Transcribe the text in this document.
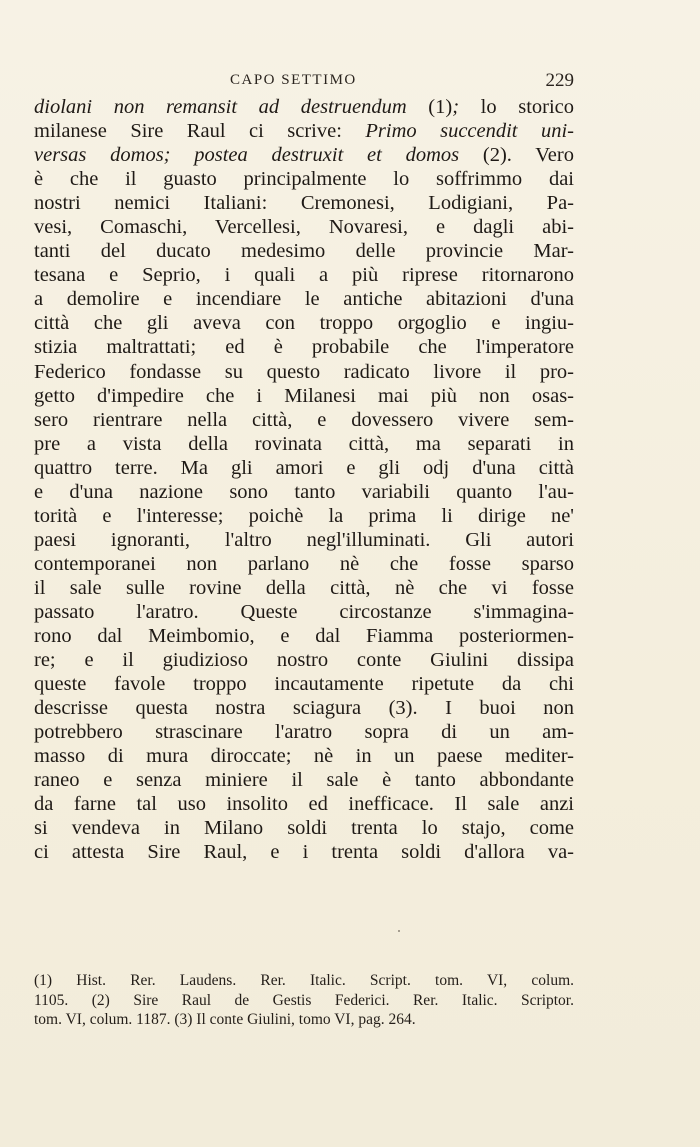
CAPO SETTIMO	229
diolani non remansit ad destruendum (1); lo storico
milanese Sire Raul ci scrive: Primo succendit uni-
versas domos; postea destruxit et domos (2). Vero
è che il guasto principalmente lo soffrimmo dai
nostri nemici Italiani: Cremonesi, Lodigiani, Pa-
vesi, Comaschi, Vercellesi, Novaresi, e dagli abi-
tanti del ducato medesimo delle provincie Mar-
tesana e Seprio, i quali a più riprese ritornarono
a demolire e incendiare le antiche abitazioni d'una
città che gli aveva con troppo orgoglio e ingiu-
stizia maltrattati; ed è probabile che l'imperatore
Federico fondasse su questo radicato livore il pro-
getto d'impedire che i Milanesi mai più non osas-
sero rientrare nella città, e dovessero vivere sem-
pre a vista della rovinata città, ma separati in
quattro terre. Ma gli amori e gli odj d'una città
e d'una nazione sono tanto variabili quanto l'au-
torità e l'interesse; poichè la prima li dirige ne'
paesi ignoranti, l'altro negl'illuminati. Gli autori
contemporanei non parlano nè che fosse sparso
il sale sulle rovine della città, nè che vi fosse
passato l'aratro. Queste circostanze s'immagina-
rono dal Meimbomio, e dal Fiamma posteriormen-
re; e il giudizioso nostro conte Giulini dissipa
queste favole troppo incautamente ripetute da chi
descrisse questa nostra sciagura (3). I buoi non
potrebbero strascinare l'aratro sopra di un am-
masso di mura diroccate; nè in un paese mediter-
raneo e senza miniere il sale è tanto abbondante
da farne tal uso insolito ed inefficace. Il sale anzi
si vendeva in Milano soldi trenta lo stajo, come
ci attesta Sire Raul, e i trenta soldi d'allora va-
(1) Hist. Rer. Laudens. Rer. Italic. Script. tom. VI, colum.
1105. (2) Sire Raul de Gestis Federici. Rer. Italic. Scriptor.
tom. VI, colum. 1187. (3) Il conte Giulini, tomo VI, pag. 264.
